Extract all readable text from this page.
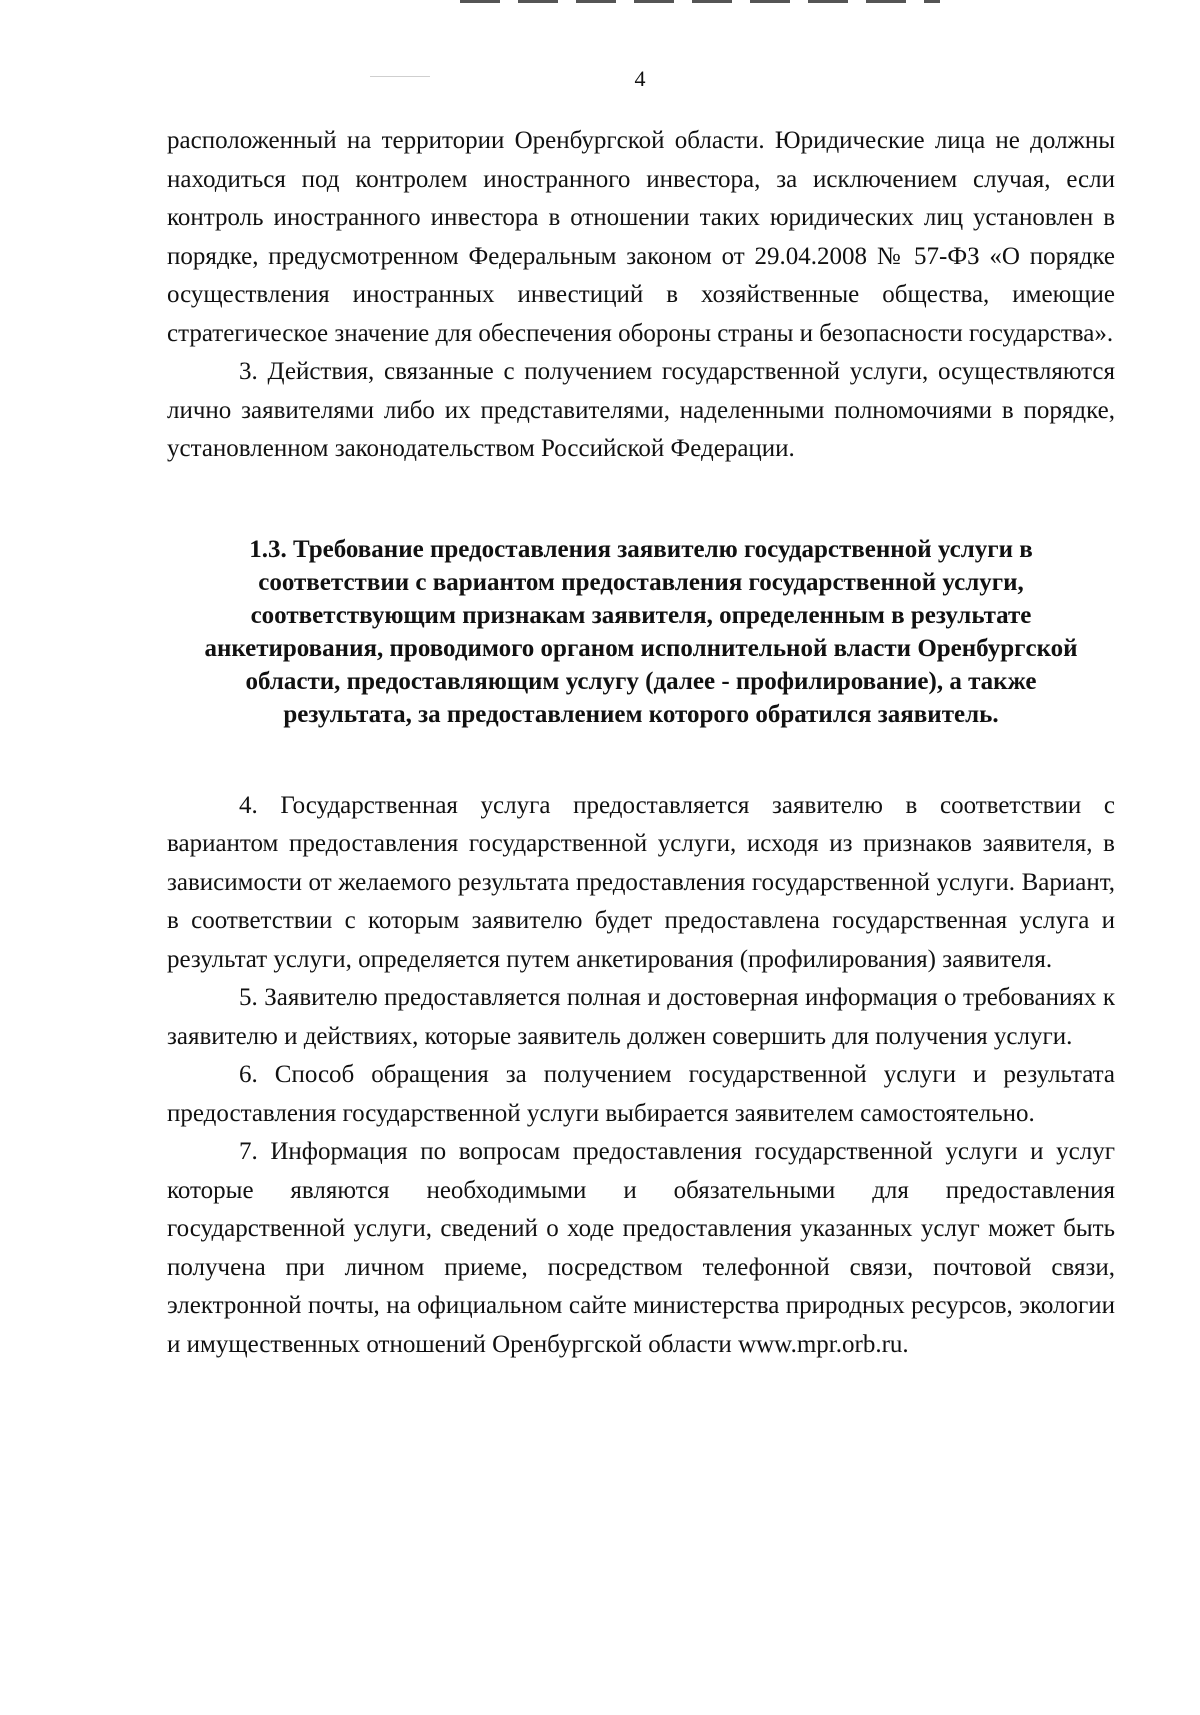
4

расположенный на территории Оренбургской области. Юридические лица не должны находиться под контролем иностранного инвестора, за исключением случая, если контроль иностранного инвестора в отношении таких юридических лиц установлен в порядке, предусмотренном Федеральным законом от 29.04.2008 № 57-ФЗ «О порядке осуществления иностранных инвестиций в хозяйственные общества, имеющие стратегическое значение для обеспечения обороны страны и безопасности государства».

3. Действия, связанные с получением государственной услуги, осуществляются лично заявителями либо их представителями, наделенными полномочиями в порядке, установленном законодательством Российской Федерации.

1.3. Требование предоставления заявителю государственной услуги в соответствии с вариантом предоставления государственной услуги, соответствующим признакам заявителя, определенным в результате анкетирования, проводимого органом исполнительной власти Оренбургской области, предоставляющим услугу (далее - профилирование), а также результата, за предоставлением которого обратился заявитель.

4. Государственная услуга предоставляется заявителю в соответствии с вариантом предоставления государственной услуги, исходя из признаков заявителя, в зависимости от желаемого результата предоставления государственной услуги. Вариант, в соответствии с которым заявителю будет предоставлена государственная услуга и результат услуги, определяется путем анкетирования (профилирования) заявителя.

5. Заявителю предоставляется полная и достоверная информация о требованиях к заявителю и действиях, которые заявитель должен совершить для получения услуги.

6. Способ обращения за получением государственной услуги и результата предоставления государственной услуги выбирается заявителем самостоятельно.

7. Информация по вопросам предоставления государственной услуги и услуг которые являются необходимыми и обязательными для предоставления государственной услуги, сведений о ходе предоставления указанных услуг может быть получена при личном приеме, посредством телефонной связи, почтовой связи, электронной почты, на официальном сайте министерства природных ресурсов, экологии и имущественных отношений Оренбургской области www.mpr.orb.ru.
